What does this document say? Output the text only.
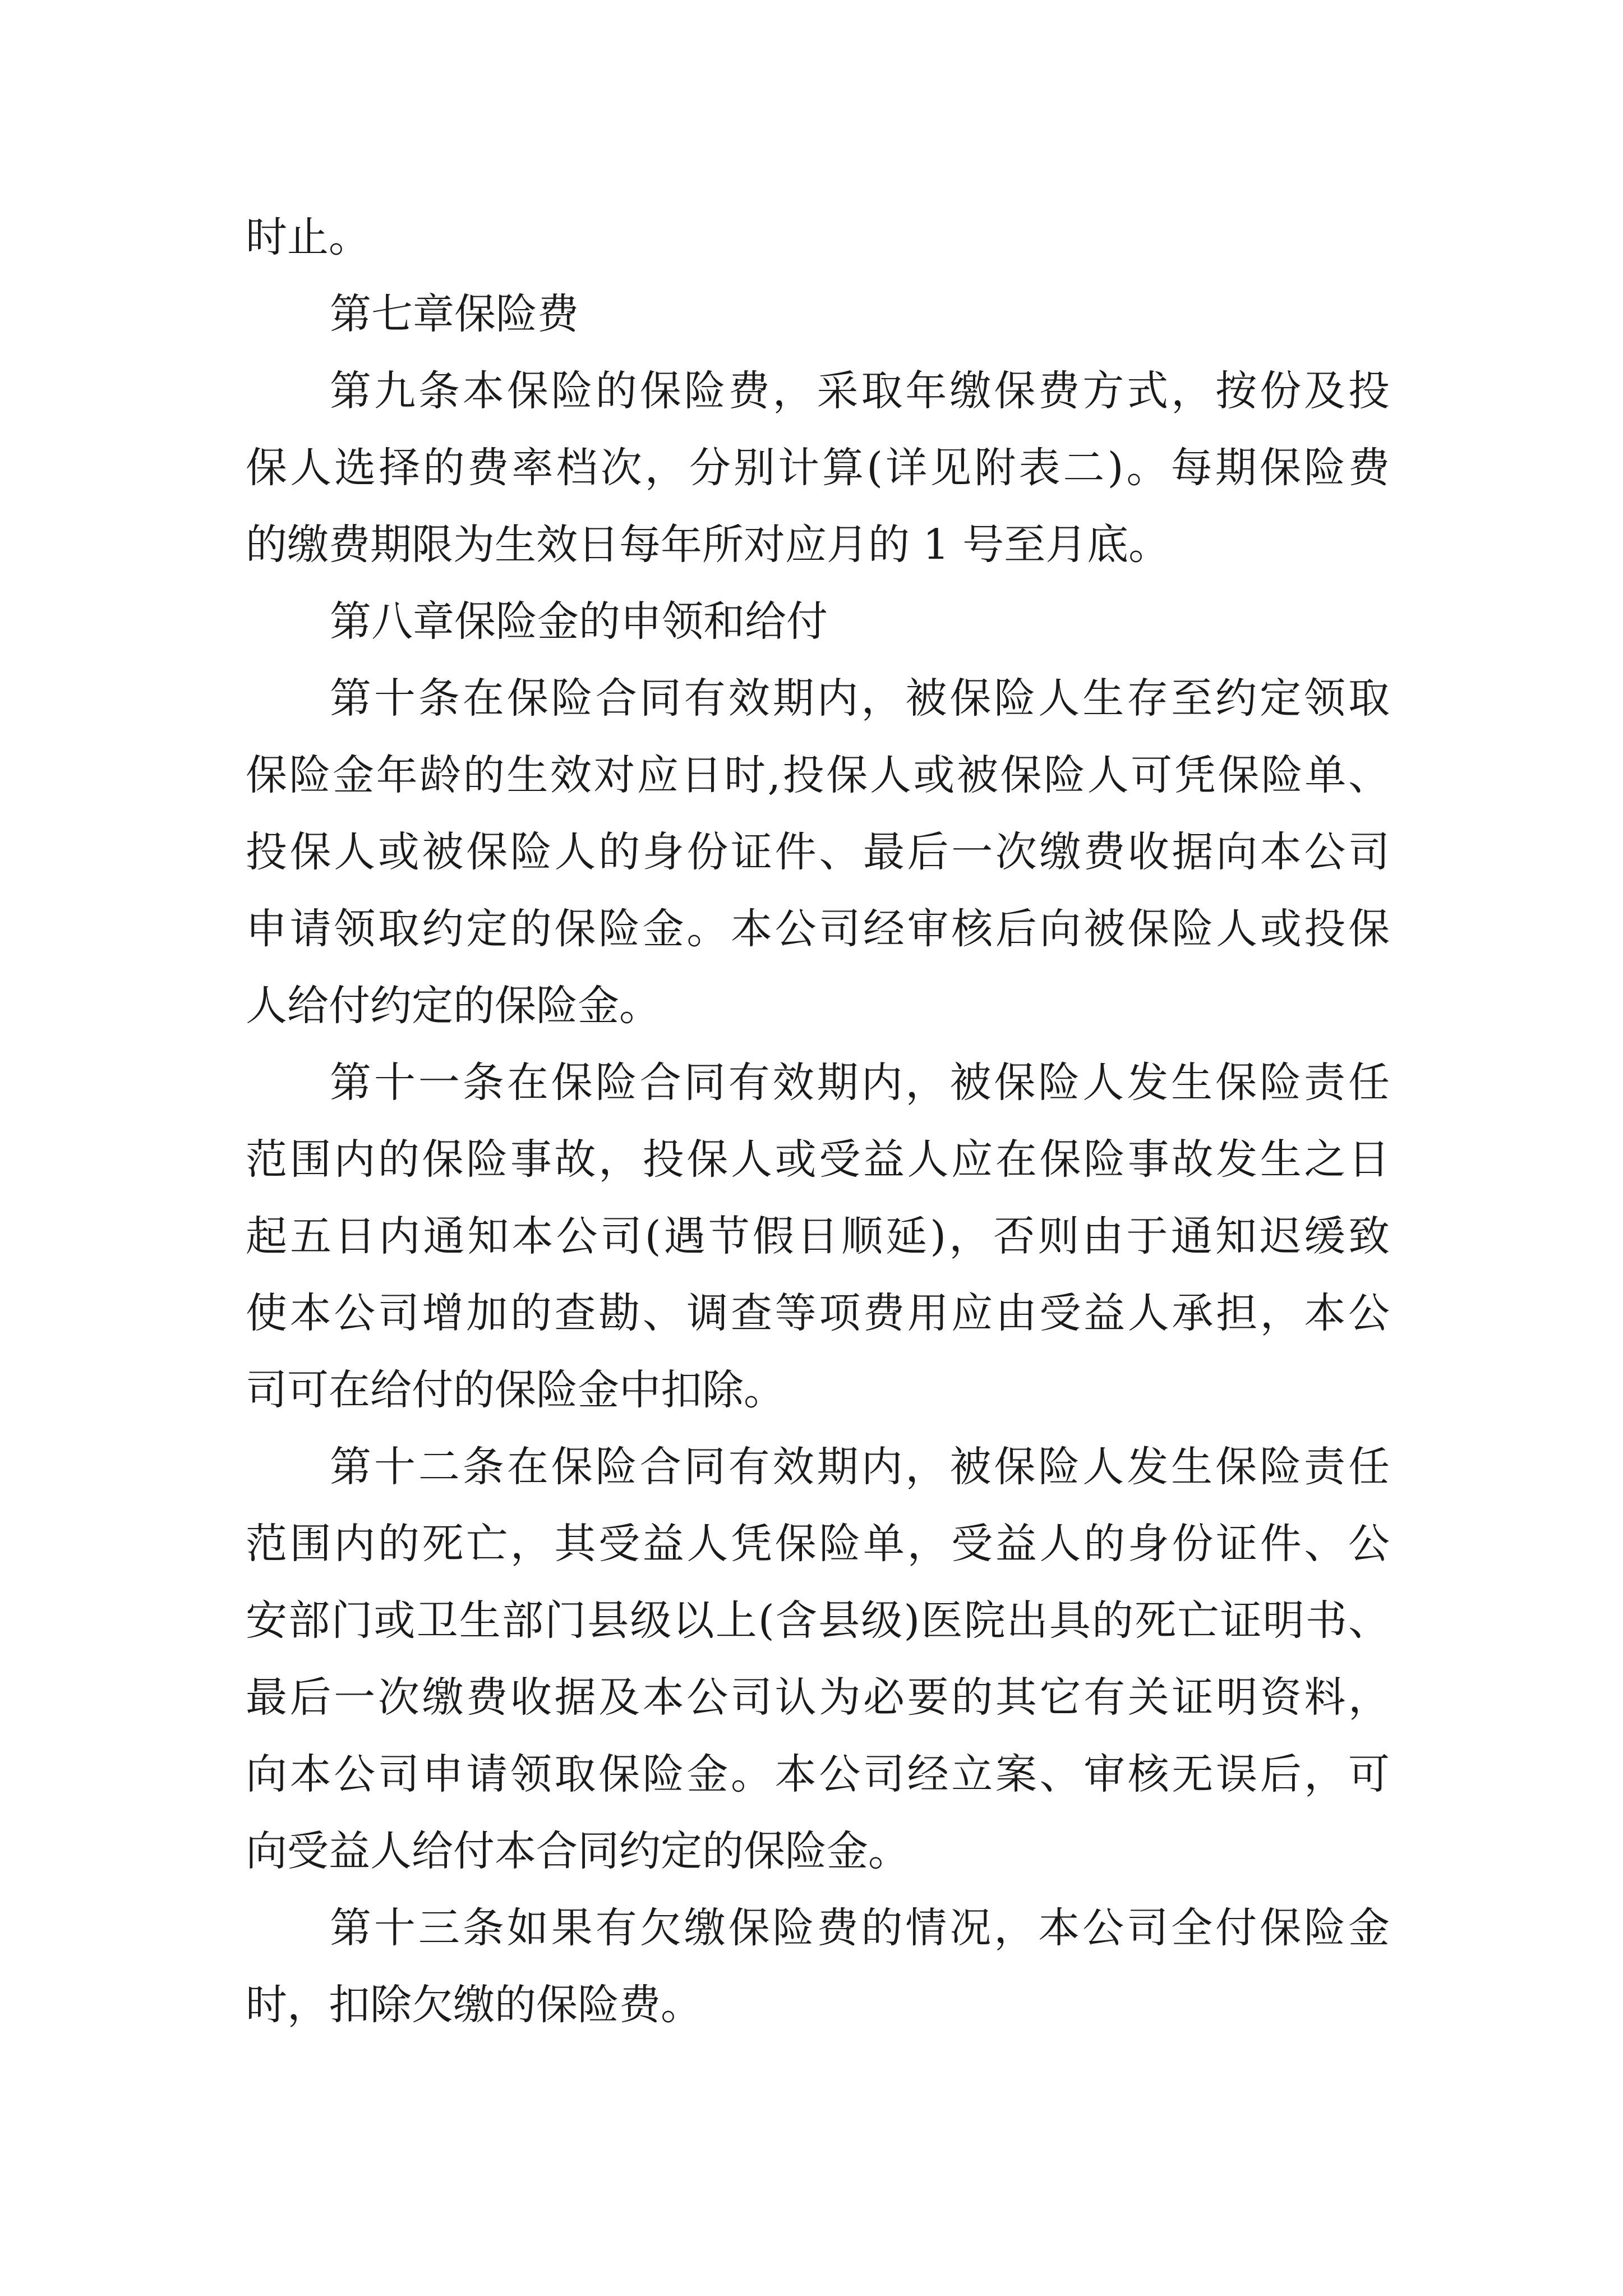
时止。
第七章保险费
第九条本保险的保险费，采取年缴保费方式，按份及投
保人选择的费率档次，分别计算(详见附表二)。每期保险费
的缴费期限为生效日每年所对应月的 1 号至月底。
第八章保险金的申领和给付
第十条在保险合同有效期内，被保险人生存至约定领取
保险金年龄的生效对应日时,投保人或被保险人可凭保险单、
投保人或被保险人的身份证件、最后一次缴费收据向本公司
申请领取约定的保险金。本公司经审核后向被保险人或投保
人给付约定的保险金。
第十一条在保险合同有效期内，被保险人发生保险责任
范围内的保险事故，投保人或受益人应在保险事故发生之日
起五日内通知本公司(遇节假日顺延)，否则由于通知迟缓致
使本公司增加的查勘、调查等项费用应由受益人承担，本公
司可在给付的保险金中扣除。
第十二条在保险合同有效期内，被保险人发生保险责任
范围内的死亡，其受益人凭保险单，受益人的身份证件、公
安部门或卫生部门县级以上(含县级)医院出具的死亡证明书、
最后一次缴费收据及本公司认为必要的其它有关证明资料，
向本公司申请领取保险金。本公司经立案、审核无误后，可
向受益人给付本合同约定的保险金。
第十三条如果有欠缴保险费的情况，本公司全付保险金
时，扣除欠缴的保险费。
